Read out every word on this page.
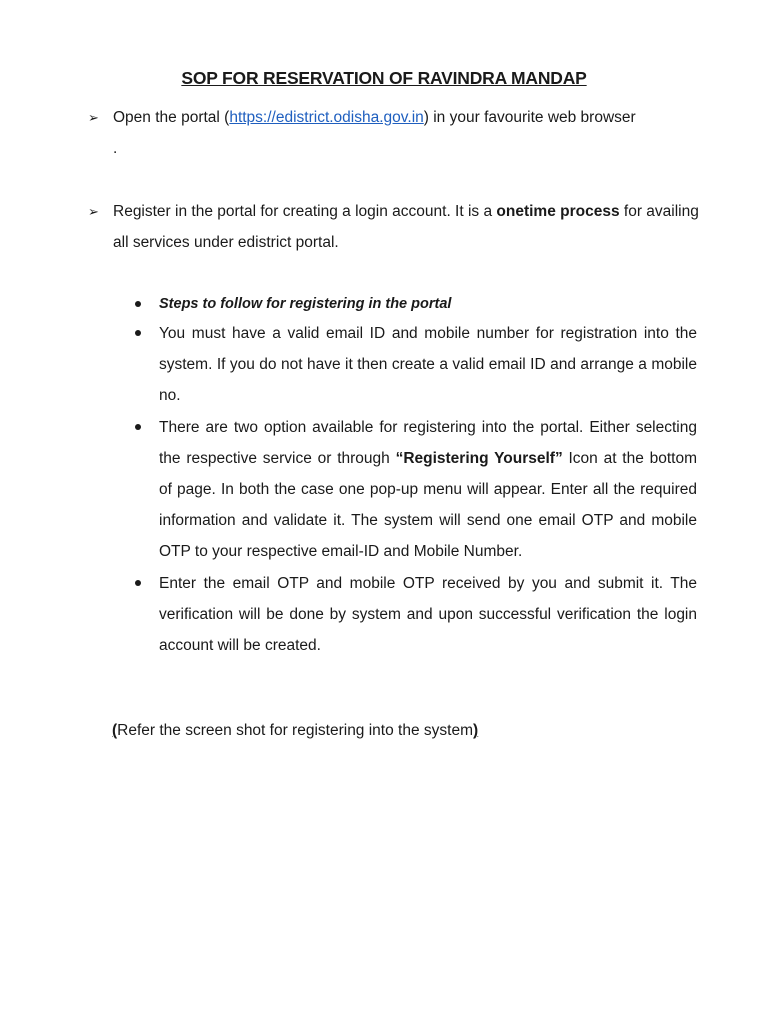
SOP FOR RESERVATION OF RAVINDRA MANDAP
➢ Open the portal (https://edistrict.odisha.gov.in) in your favourite web browser
.
➢ Register in the portal for creating a login account. It is a onetime process for availing all services under edistrict portal.
Steps to follow for registering in the portal
You must have a valid email ID and mobile number for registration into the system. If you do not have it then create a valid email ID and arrange a mobile no.
There are two option available for registering into the portal. Either selecting the respective service or through “Registering Yourself” Icon at the bottom of page. In both the case one pop-up menu will appear. Enter all the required information and validate it. The system will send one email OTP and mobile OTP to your respective email-ID and Mobile Number.
Enter the email OTP and mobile OTP received by you and submit it. The verification will be done by system and upon successful verification the login account will be created.
(Refer the screen shot for registering into the system)
